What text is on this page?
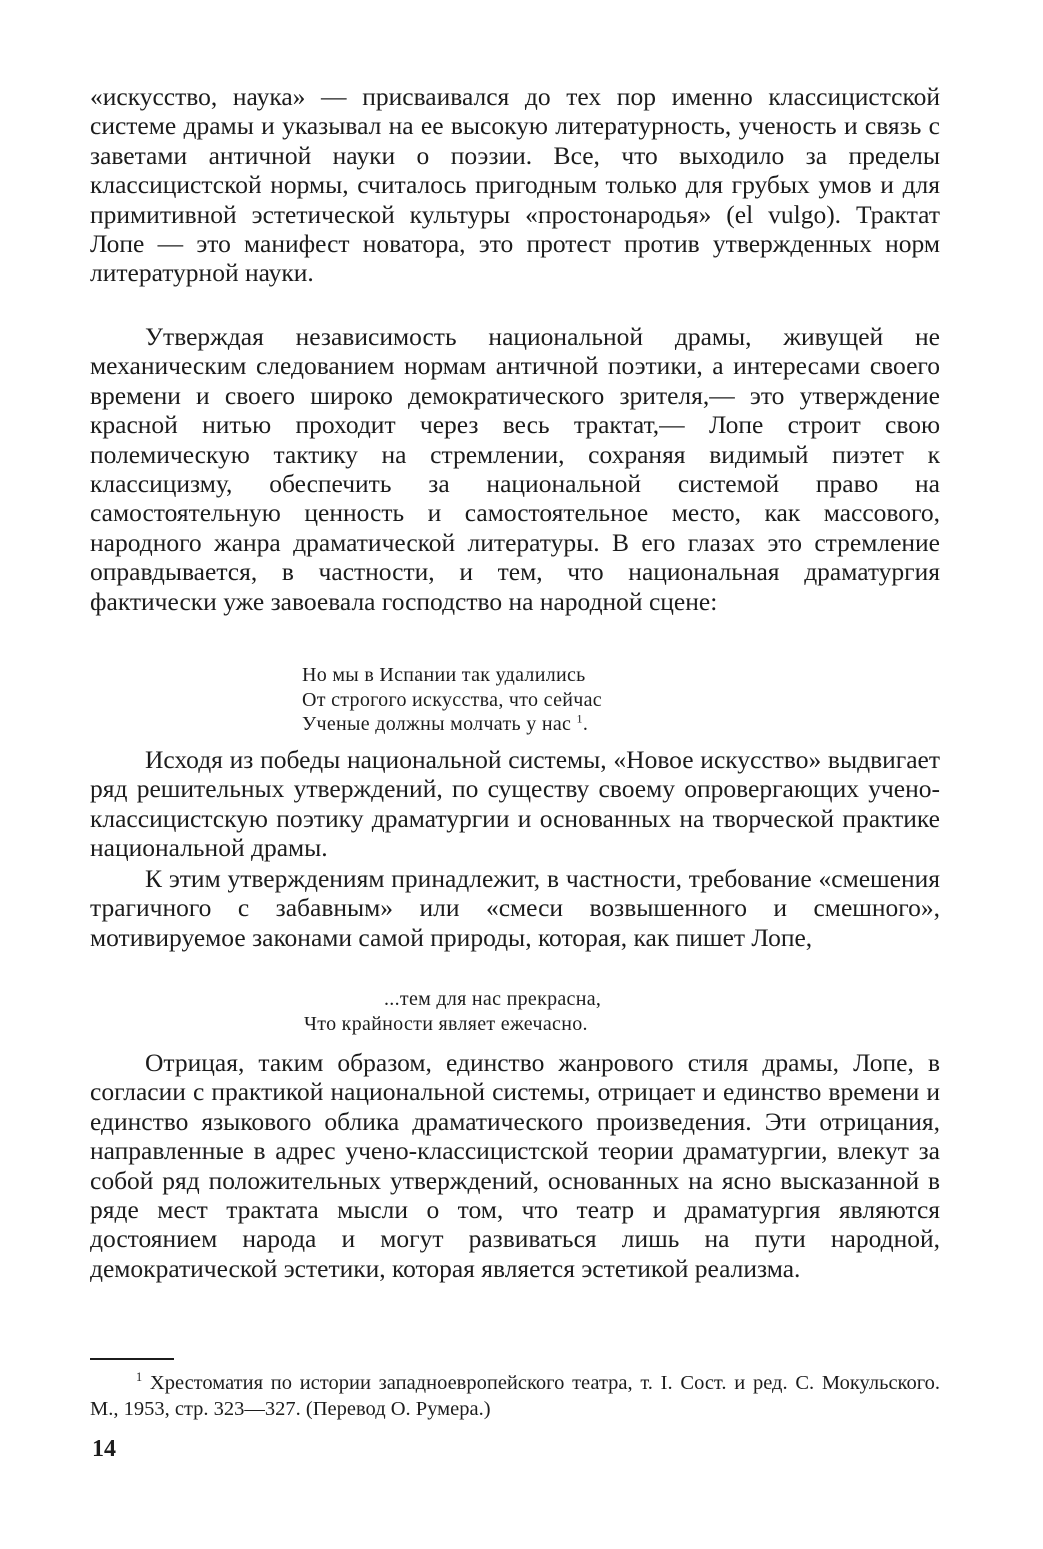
«искусство, наука» — присваивался до тех пор именно классицистской системе драмы и указывал на ее высокую литературность, ученость и связь с заветами античной науки о поэзии. Все, что выходило за пределы классицистской нормы, считалось пригодным только для грубых умов и для примитивной эстетической культуры «простонародья» (el vulgo). Трактат Лопе — это манифест новатора, это протест против утвержденных норм литературной науки.

Утверждая независимость национальной драмы, живущей не механическим следованием нормам античной поэтики, а интересами своего времени и своего широко демократического зрителя,— это утверждение красной нитью проходит через весь трактат,— Лопе строит свою полемическую тактику на стремлении, сохраняя видимый пиэтет к классицизму, обеспечить за национальной системой право на самостоятельную ценность и самостоятельное место, как массового, народного жанра драматической литературы. В его глазах это стремление оправдывается, в частности, и тем, что национальная драматургия фактически уже завоевала господство на народной сцене:

Но мы в Испании так удалились
От строгого искусства, что сейчас
Ученые должны молчать у нас $^1$.

Исходя из победы национальной системы, «Новое искусство» выдвигает ряд решительных утверждений, по существу своему опровергающих учено-классицистскую поэтику драматургии и основанных на творческой практике национальной драмы.

К этим утверждениям принадлежит, в частности, требование «смешения трагичного с забавным» или «смеси возвышенного и смешного», мотивируемое законами самой природы, которая, как пишет Лопе,

...тем для нас прекрасна,
Что крайности являет ежечасно.

Отрицая, таким образом, единство жанрового стиля драмы, Лопе, в согласии с практикой национальной системы, отрицает и единство времени и единство языкового облика драматического произведения. Эти отрицания, направленные в адрес учено-классицистской теории драматургии, влекут за собой ряд положительных утверждений, основанных на ясно высказанной в ряде мест трактата мысли о том, что театр и драматургия являются достоянием народа и могут развиваться лишь на пути народной, демократической эстетики, которая является эстетикой реализма.

$^1$ Хрестоматия по истории западноевропейского театра, т. I. Сост. и ред. С. Мокульского. М., 1953, стр. 323—327. (Перевод О. Румера.)

14
